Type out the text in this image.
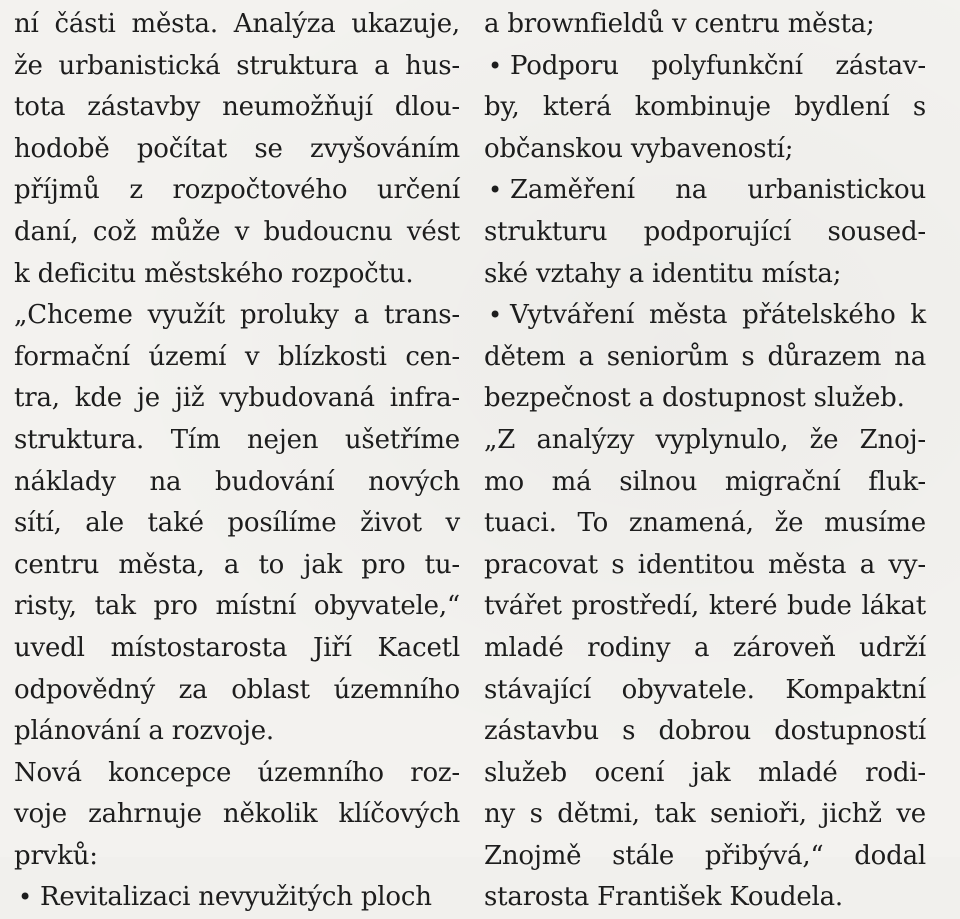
ní části města. Analýza ukazuje,
že urbanistická struktura a hus-
tota zástavby neumožňují dlou-
hodobě počítat se zvyšováním
příjmů z rozpočtového určení
daní, což může v budoucnu vést
k deficitu městského rozpočtu.

„Chceme využít proluky a trans-
formační území v blízkosti cen-
tra, kde je již vybudovaná infra-
struktura. Tím nejen ušetříme
náklady na budování nových
sítí, ale také posílíme život v
centru města, a to jak pro tu-
risty, tak pro místní obyvatele,“
uvedl místostarosta Jiří Kacetl
odpovědný za oblast územního
plánování a rozvoje.

Nová koncepce územního roz-
voje zahrnuje několik klíčových
prvků:

• Revitalizaci nevyužitých ploch

a brownfieldů v centru města;

• Podporu polyfunkční zástav-
by, která kombinuje bydlení s
občanskou vybaveností;

• Zaměření na urbanistickou
strukturu podporující soused-
ské vztahy a identitu místa;

• Vytváření města přátelského k
dětem a seniorům s důrazem na
bezpečnost a dostupnost služeb.

„Z analýzy vyplynulo, že Znoj-
mo má silnou migrační fluk-
tuaci. To znamená, že musíme
pracovat s identitou města a vy-
tvářet prostředí, které bude lákat
mladé rodiny a zároveň udrží
stávající obyvatele. Kompaktní
zástavbu s dobrou dostupností
služeb ocení jak mladé rodi-
ny s dětmi, tak senioři, jichž ve
Znojmě stále přibývá,“ dodal
starosta František Koudela.
